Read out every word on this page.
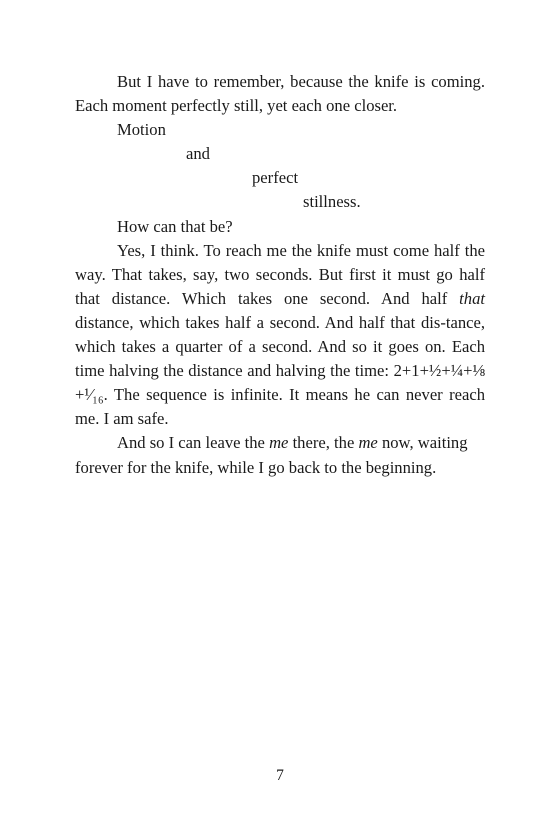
But I have to remember, because the knife is coming. Each moment perfectly still, yet each one closer.

Motion

and

perfect

stillness.

How can that be?

Yes, I think. To reach me the knife must come half the way. That takes, say, two seconds. But first it must go half that distance. Which takes one second. And half that distance, which takes half a second. And half that dis-tance, which takes a quarter of a second. And so it goes on. Each time halving the distance and halving the time: 2+1+½+¼+⅛ +¹⁄₁₆. The sequence is infinite. It means he can never reach me. I am safe.

And so I can leave the me there, the me now, waiting forever for the knife, while I go back to the beginning.

7
